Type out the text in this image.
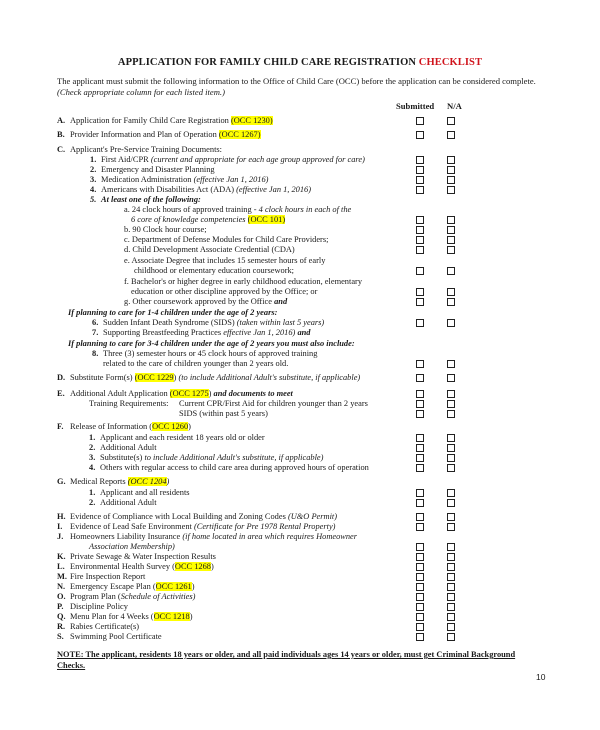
APPLICATION FOR FAMILY CHILD CARE REGISTRATION CHECKLIST
The applicant must submit the following information to the Office of Child Care (OCC) before the application can be considered complete. (Check appropriate column for each listed item.)
Submitted N/A
A. Application for Family Child Care Registration (OCC 1230)
B. Provider Information and Plan of Operation (OCC 1267)
C. Applicant's Pre-Service Training Documents:
1. First Aid/CPR (current and appropriate for each age group approved for care)
2. Emergency and Disaster Planning
3. Medication Administration (effective Jan 1, 2016)
4. Americans with Disabilities Act (ADA) (effective Jan 1, 2016)
5. At least one of the following:
a. 24 clock hours of approved training - 4 clock hours in each of the
6 core of knowledge competencies (OCC 101)
b. 90 Clock hour course;
c. Department of Defense Modules for Child Care Providers;
d. Child Development Associate Credential (CDA)
e. Associate Degree that includes 15 semester hours of early
childhood or elementary education coursework;
f. Bachelor's or higher degree in early childhood education, elementary
education or other discipline approved by the Office; or
g. Other coursework approved by the Office and
If planning to care for 1-4 children under the age of 2 years:
6. Sudden Infant Death Syndrome (SIDS) (taken within last 5 years)
7. Supporting Breastfeeding Practices effective Jan 1, 2016) and
If planning to care for 3-4 children under the age of 2 years you must also include:
8. Three (3) semester hours or 45 clock hours of approved training
related to the care of children younger than 2 years old.
D. Substitute Form(s) (OCC 1229) (to include Additional Adult's substitute, if applicable)
E. Additional Adult Application (OCC 1275) and documents to meet
Training Requirements: Current CPR/First Aid for children younger than 2 years
SIDS (within past 5 years)
F. Release of Information (OCC 1260)
1. Applicant and each resident 18 years old or older
2. Additional Adult
3. Substitute(s) to include Additional Adult's substitute, if applicable)
4. Others with regular access to child care area during approved hours of operation
G. Medical Reports (OCC 1204)
1. Applicant and all residents
2. Additional Adult
H. Evidence of Compliance with Local Building and Zoning Codes (U&O Permit)
I. Evidence of Lead Safe Environment (Certificate for Pre 1978 Rental Property)
J. Homeowners Liability Insurance (if home located in area which requires Homeowner
Association Membership)
K. Private Sewage & Water Inspection Results
L. Environmental Health Survey (OCC 1268)
M. Fire Inspection Report
N. Emergency Escape Plan (OCC 1261)
O. Program Plan (Schedule of Activities)
P. Discipline Policy
Q. Menu Plan for 4 Weeks (OCC 1218)
R. Rabies Certificate(s)
S. Swimming Pool Certificate
NOTE: The applicant, residents 18 years or older, and all paid individuals ages 14 years or older, must get Criminal Background Checks.
10
